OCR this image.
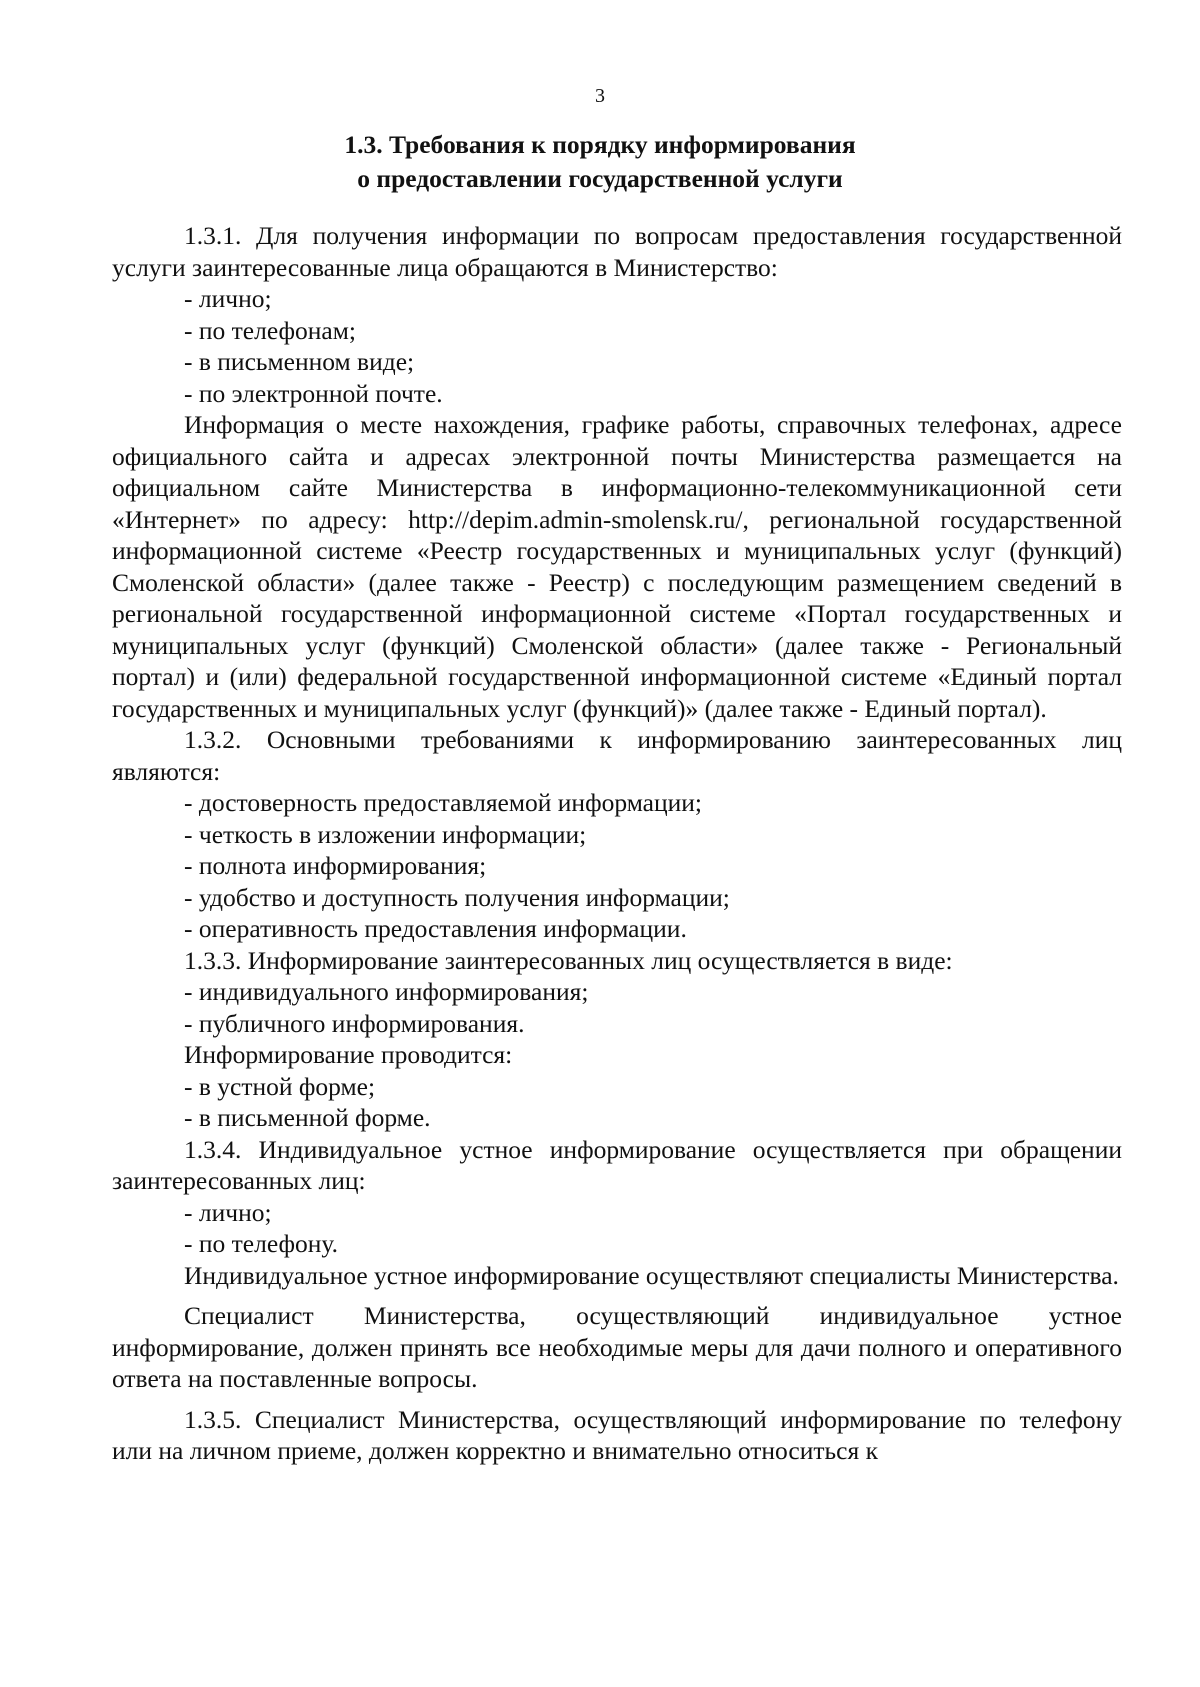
3
1.3. Требования к порядку информирования
о предоставлении государственной услуги

1.3.1. Для получения информации по вопросам предоставления государственной услуги заинтересованные лица обращаются в Министерство:

- лично;

- по телефонам;

- в письменном виде;

- по электронной почте.

Информация о месте нахождения, графике работы, справочных телефонах, адресе официального сайта и адресах электронной почты Министерства размещается на официальном сайте Министерства в информационно-телекоммуникационной сети «Интернет» по адресу: http://depim.admin-smolensk.ru/, региональной государственной информационной системе «Реестр государственных и муниципальных услуг (функций) Смоленской области» (далее также - Реестр) с последующим размещением сведений в региональной государственной информационной системе «Портал государственных и муниципальных услуг (функций) Смоленской области» (далее также - Региональный портал) и (или) федеральной государственной информационной системе «Единый портал государственных и муниципальных услуг (функций)» (далее также - Единый портал).

1.3.2. Основными требованиями к информированию заинтересованных лиц являются:

- достоверность предоставляемой информации;

- четкость в изложении информации;

- полнота информирования;

- удобство и доступность получения информации;

- оперативность предоставления информации.

1.3.3. Информирование заинтересованных лиц осуществляется в виде:

- индивидуального информирования;

- публичного информирования.

Информирование проводится:

- в устной форме;

- в письменной форме.

1.3.4. Индивидуальное устное информирование осуществляется при обращении заинтересованных лиц:

- лично;

- по телефону.

Индивидуальное устное информирование осуществляют специалисты Министерства.

Специалист Министерства, осуществляющий индивидуальное устное информирование, должен принять все необходимые меры для дачи полного и оперативного ответа на поставленные вопросы.

1.3.5. Специалист Министерства, осуществляющий информирование по телефону или на личном приеме, должен корректно и внимательно относиться к
